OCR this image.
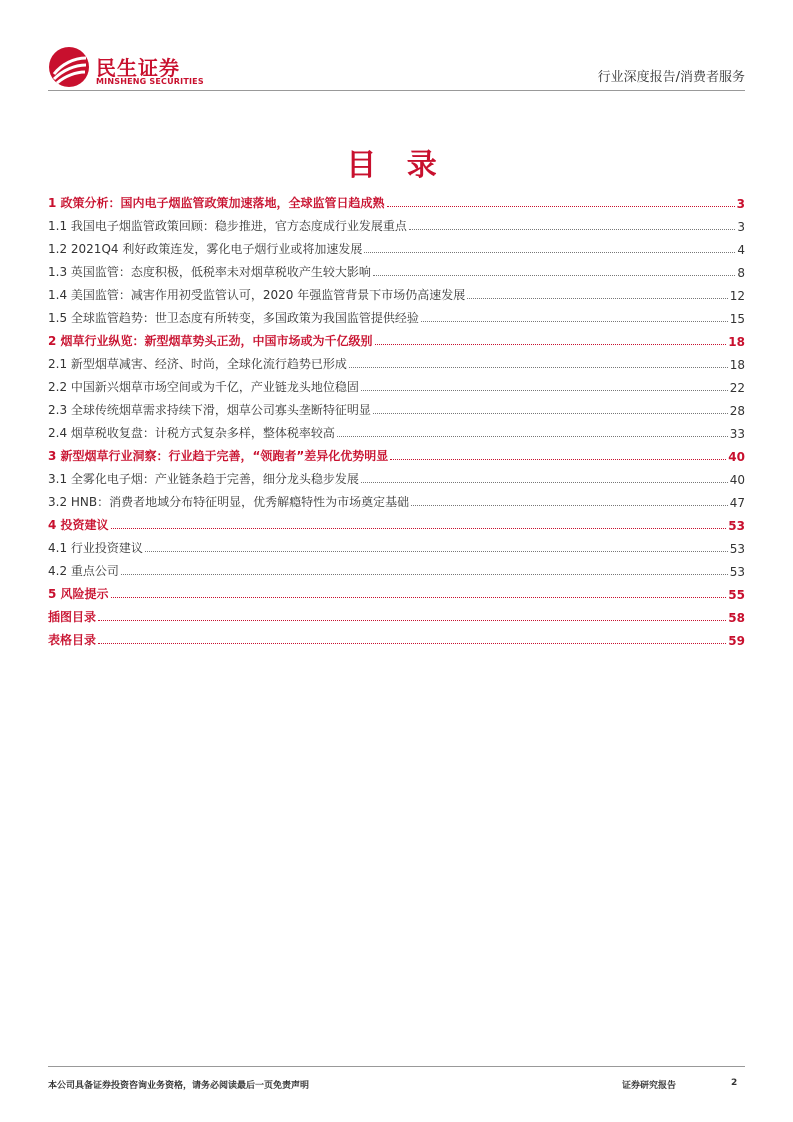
民生证券
MINSHENG SECURITIES	行业深度报告/消费者服务
目 录
1 政策分析：国内电子烟监管政策加速落地，全球监管日趋成熟	3
1.1 我国电子烟监管政策回顾：稳步推进，官方态度成行业发展重点	3
1.2 2021Q4 利好政策连发，雾化电子烟行业或将加速发展	4
1.3 英国监管：态度积极，低税率未对烟草税收产生较大影响	8
1.4 美国监管：减害作用初受监管认可，2020 年强监管背景下市场仍高速发展	12
1.5 全球监管趋势：世卫态度有所转变，多国政策为我国监管提供经验	15
2 烟草行业纵览：新型烟草势头正劲，中国市场或为千亿级别	18
2.1 新型烟草减害、经济、时尚，全球化流行趋势已形成	18
2.2 中国新兴烟草市场空间或为千亿，产业链龙头地位稳固	22
2.3 全球传统烟草需求持续下滑，烟草公司寡头垄断特征明显	28
2.4 烟草税收复盘：计税方式复杂多样，整体税率较高	33
3 新型烟草行业洞察：行业趋于完善，“领跑者”差异化优势明显	40
3.1 全雾化电子烟：产业链条趋于完善，细分龙头稳步发展	40
3.2 HNB：消费者地域分布特征明显，优秀解瘾特性为市场奠定基础	47
4 投资建议	53
4.1 行业投资建议	53
4.2 重点公司	53
5 风险提示	55
插图目录	58
表格目录	59
本公司具备证券投资咨询业务资格，请务必阅读最后一页免责声明	证券研究报告	2
